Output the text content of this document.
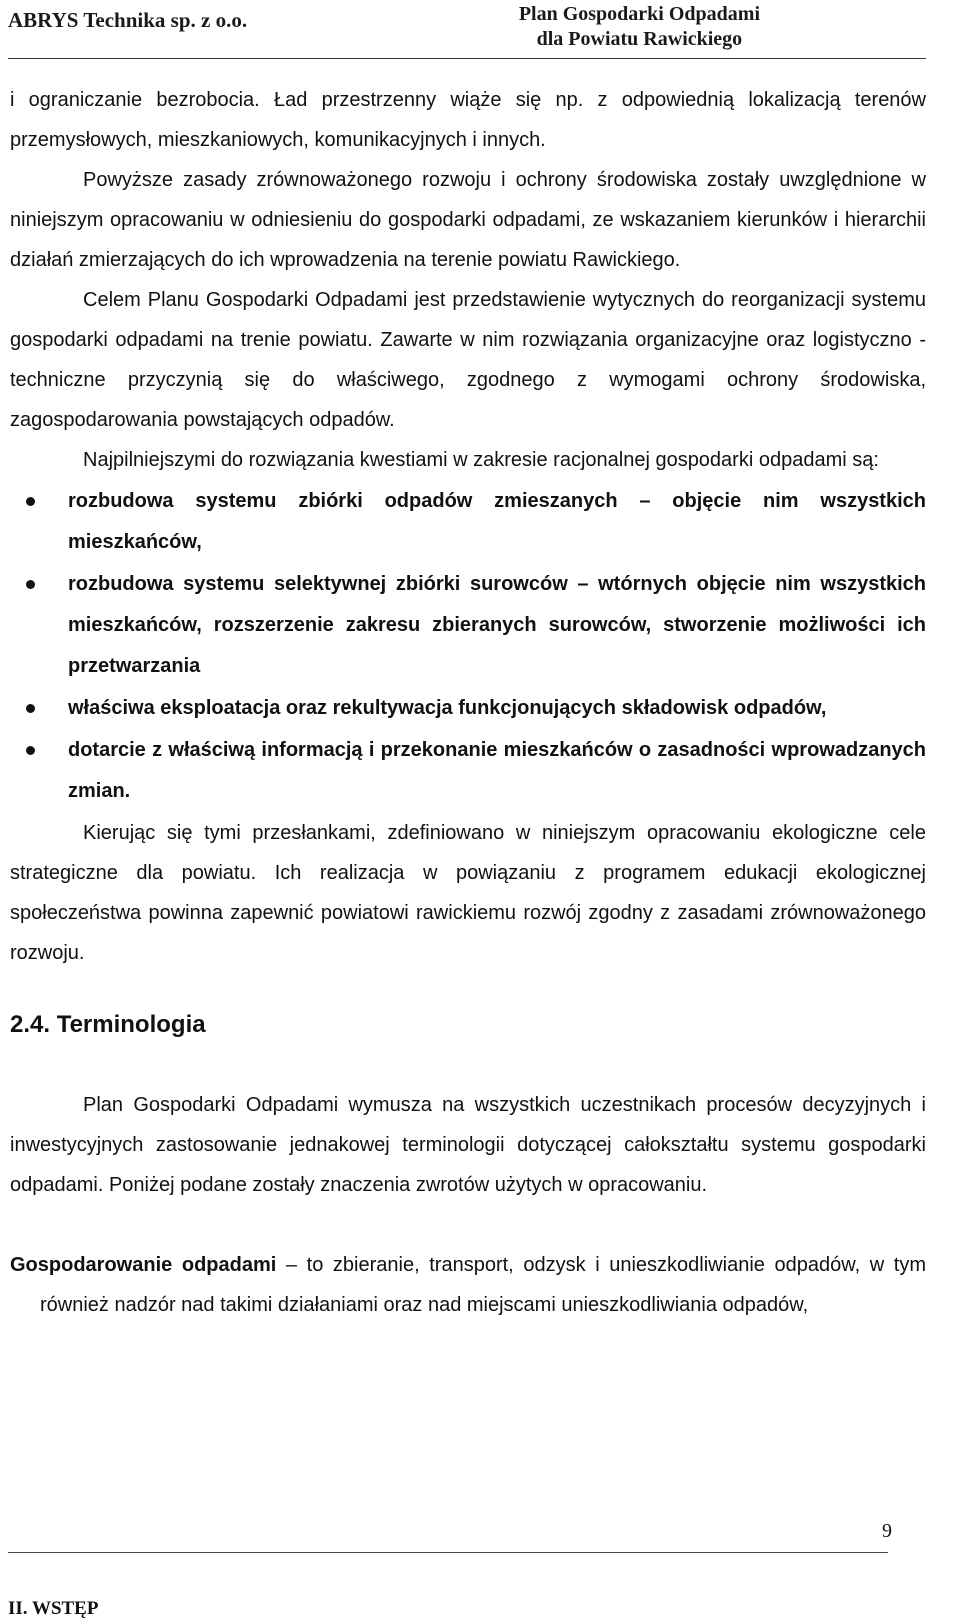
ABRYS Technika sp. z o.o.	Plan Gospodarki Odpadami
dla Powiatu Rawickiego

i ograniczanie bezrobocia. Ład przestrzenny wiąże się np. z odpowiednią lokalizacją terenów przemysłowych, mieszkaniowych, komunikacyjnych i innych.

Powyższe zasady zrównoważonego rozwoju i ochrony środowiska zostały uwzględnione w niniejszym opracowaniu w odniesieniu do gospodarki odpadami, ze wskazaniem kierunków i hierarchii działań zmierzających do ich wprowadzenia na terenie powiatu Rawickiego.

Celem Planu Gospodarki Odpadami jest przedstawienie wytycznych do reorganizacji systemu gospodarki odpadami na trenie powiatu. Zawarte w nim rozwiązania organizacyjne oraz logistyczno - techniczne przyczynią się do właściwego, zgodnego z wymogami ochrony środowiska, zagospodarowania powstających odpadów.

Najpilniejszymi do rozwiązania kwestiami w zakresie racjonalnej gospodarki odpadami są:

rozbudowa systemu zbiórki odpadów zmieszanych – objęcie nim wszystkich mieszkańców,
rozbudowa systemu selektywnej zbiórki surowców – wtórnych objęcie nim wszystkich mieszkańców, rozszerzenie zakresu zbieranych surowców, stworzenie możliwości ich przetwarzania
właściwa eksploatacja oraz rekultywacja funkcjonujących składowisk odpadów,
dotarcie z właściwą informacją i przekonanie mieszkańców o zasadności wprowadzanych zmian.

Kierując się tymi przesłankami, zdefiniowano w niniejszym opracowaniu ekologiczne cele strategiczne dla powiatu. Ich realizacja w powiązaniu z programem edukacji ekologicznej społeczeństwa powinna zapewnić powiatowi rawickiemu rozwój zgodny z zasadami zrównoważonego rozwoju.

2.4. Terminologia

Plan Gospodarki Odpadami wymusza na wszystkich uczestnikach procesów decyzyjnych i inwestycyjnych zastosowanie jednakowej terminologii dotyczącej całokształtu systemu gospodarki odpadami. Poniżej podane zostały znaczenia zwrotów użytych w opracowaniu.

Gospodarowanie odpadami – to zbieranie, transport, odzysk i unieszkodliwianie odpadów, w tym również nadzór nad takimi działaniami oraz nad miejscami unieszkodliwiania odpadów,

9
II. WSTĘP
